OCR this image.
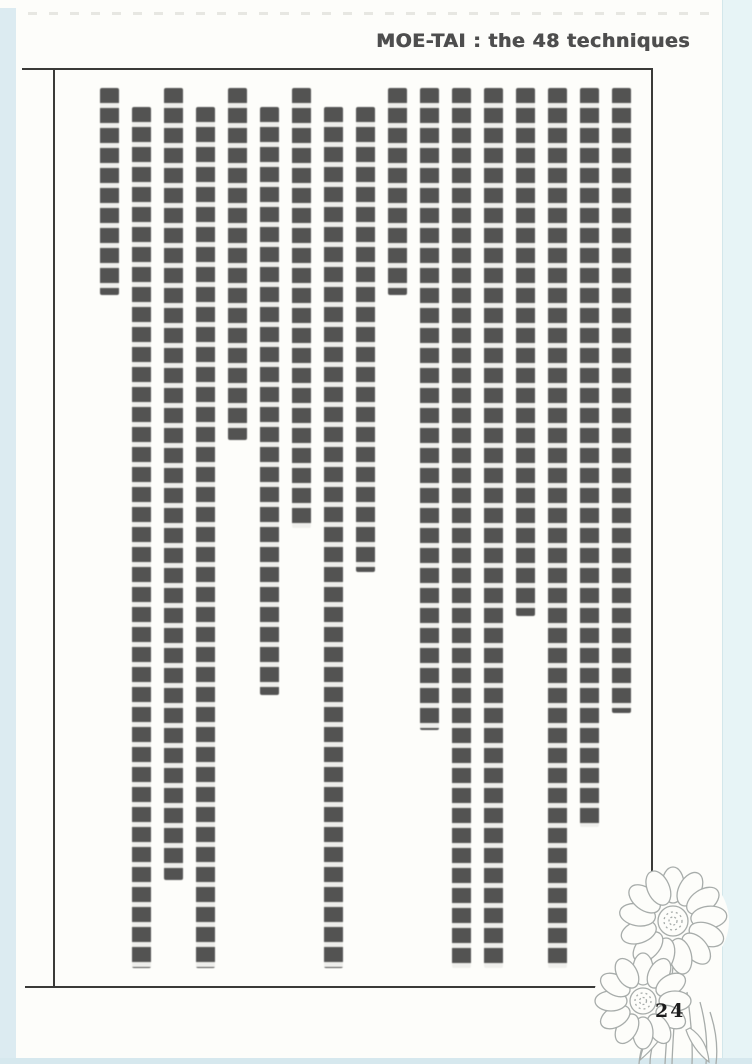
MOE-TAI : the 48 techniques
24
